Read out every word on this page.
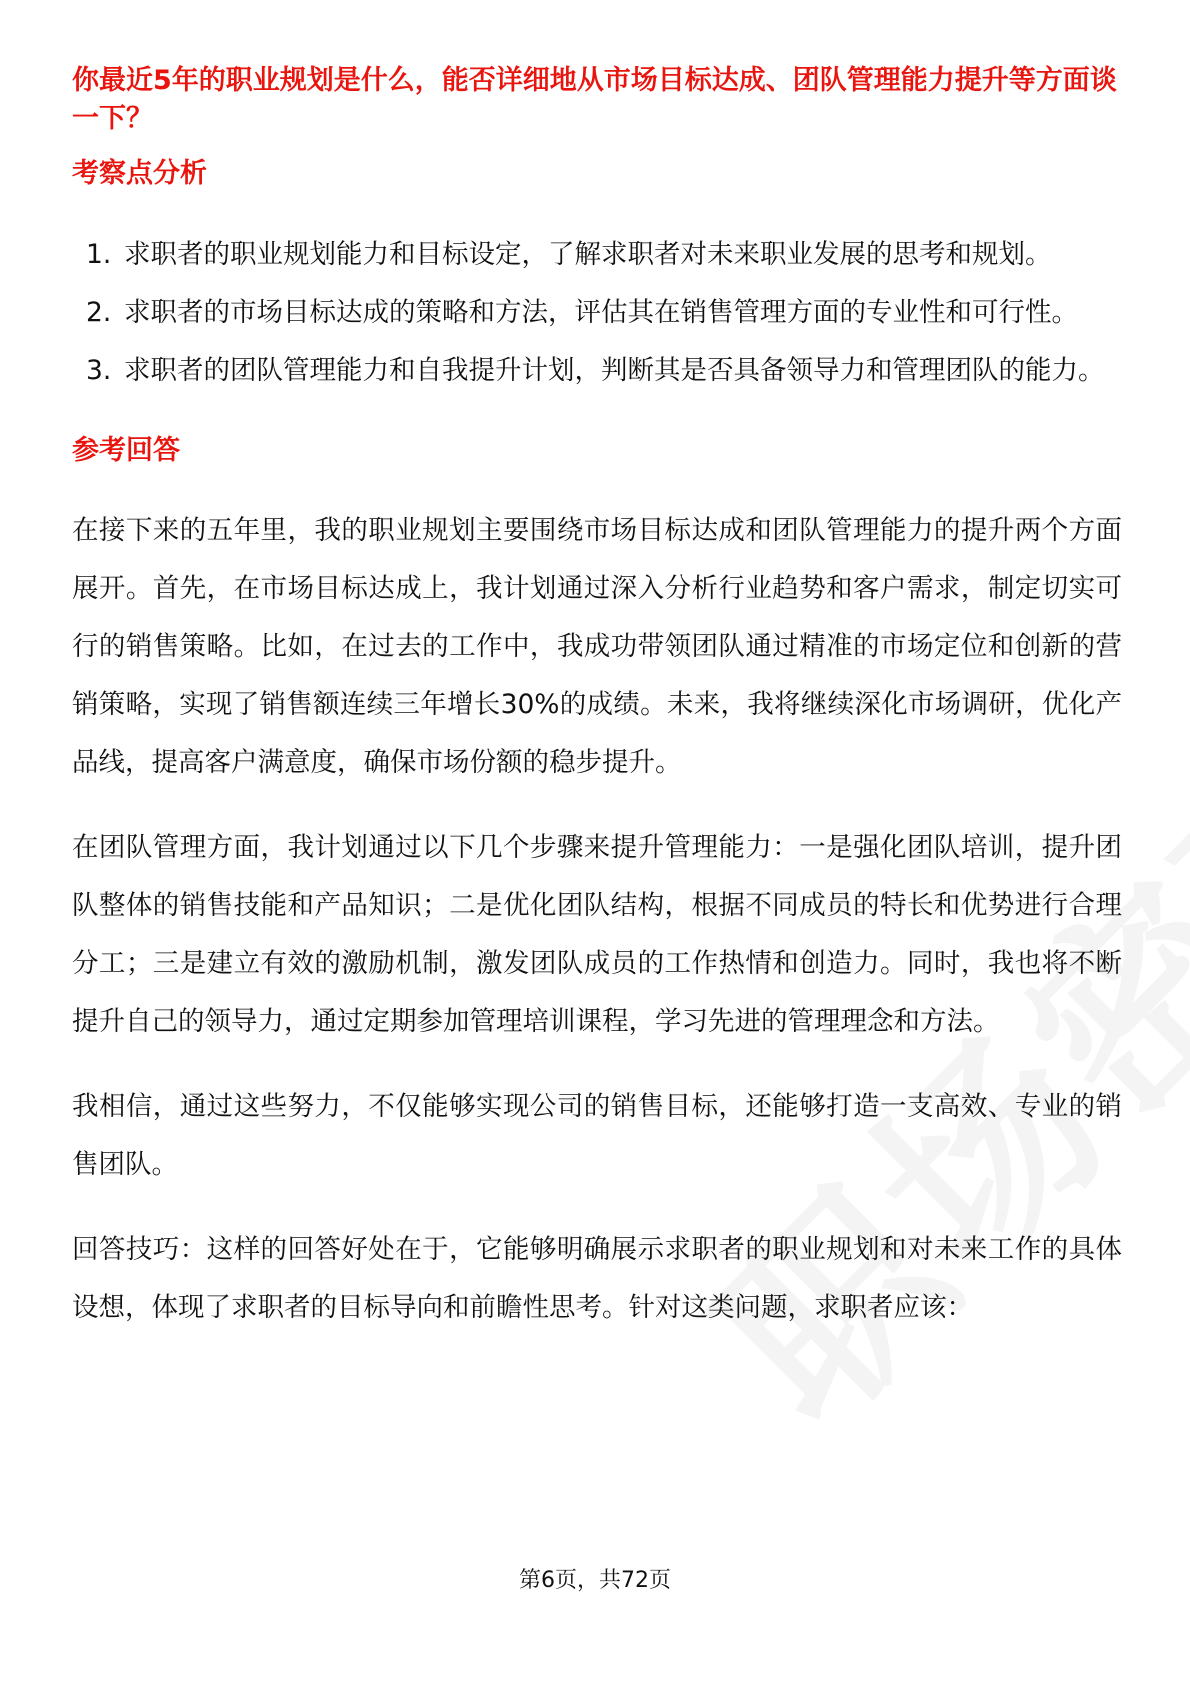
你最近5年的职业规划是什么，能否详细地从市场目标达成、团队管理能力提升等方面谈一下？

考察点分析

1. 求职者的职业规划能力和目标设定，了解求职者对未来职业发展的思考和规划。
2. 求职者的市场目标达成的策略和方法，评估其在销售管理方面的专业性和可行性。
3. 求职者的团队管理能力和自我提升计划，判断其是否具备领导力和管理团队的能力。

参考回答

在接下来的五年里，我的职业规划主要围绕市场目标达成和团队管理能力的提升两个方面展开。首先，在市场目标达成上，我计划通过深入分析行业趋势和客户需求，制定切实可行的销售策略。比如，在过去的工作中，我成功带领团队通过精准的市场定位和创新的营销策略，实现了销售额连续三年增长30%的成绩。未来，我将继续深化市场调研，优化产品线，提高客户满意度，确保市场份额的稳步提升。

在团队管理方面，我计划通过以下几个步骤来提升管理能力：一是强化团队培训，提升团队整体的销售技能和产品知识；二是优化团队结构，根据不同成员的特长和优势进行合理分工；三是建立有效的激励机制，激发团队成员的工作热情和创造力。同时，我也将不断提升自己的领导力，通过定期参加管理培训课程，学习先进的管理理念和方法。

我相信，通过这些努力，不仅能够实现公司的销售目标，还能够打造一支高效、专业的销售团队。

回答技巧：这样的回答好处在于，它能够明确展示求职者的职业规划和对未来工作的具体设想，体现了求职者的目标导向和前瞻性思考。针对这类问题，求职者应该：

第6页，共72页
